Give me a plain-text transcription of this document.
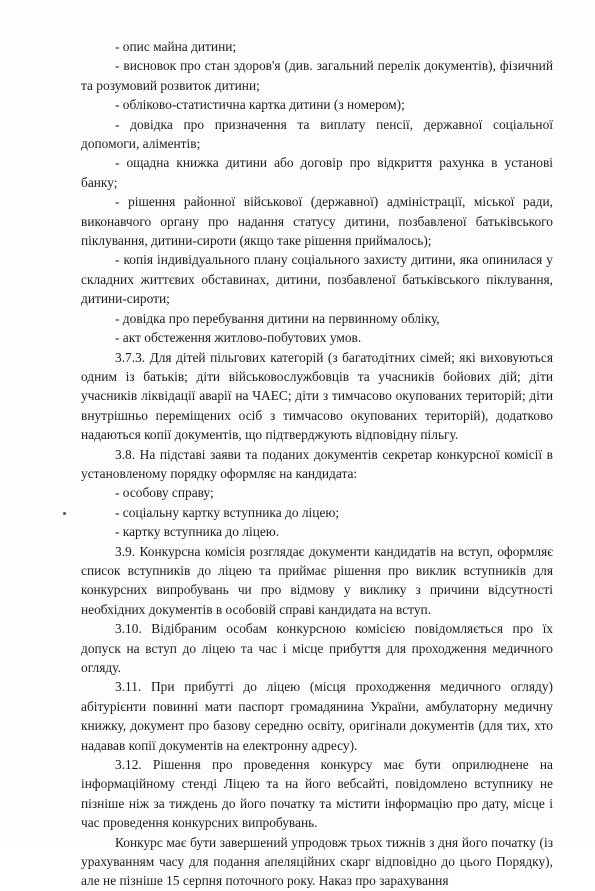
- опис майна дитини;

- висновок про стан здоров'я (див. загальний перелік документів), фізичний та розумовий розвиток дитини;

- обліково-статистична картка дитини (з номером);

- довідка про призначення та виплату пенсії, державної соціальної допомоги, аліментів;

- ощадна книжка дитини або договір про відкриття рахунка в установі банку;

- рішення районної військової (державної) адміністрації, міської ради, виконавчого органу про надання статусу дитини, позбавленої батьківського піклування, дитини-сироти (якщо таке рішення приймалось);

- копія індивідуального плану соціального захисту дитини, яка опинилася у складних життєвих обставинах, дитини, позбавленої батьківського піклування, дитини-сироти;

- довідка про перебування дитини на первинному обліку,

- акт обстеження житлово-побутових умов.

3.7.3. Для дітей пільгових категорій (з багатодітних сімей; які виховуються одним із батьків; діти військовослужбовців та учасників бойових дій; діти учасників ліквідації аварії на ЧАЕС; діти з тимчасово окупованих територій; діти внутрішньо переміщених осіб з тимчасово окупованих територій), додатково надаються копії документів, що підтверджують відповідну пільгу.

3.8. На підставі заяви та поданих документів секретар конкурсної комісії в установленому порядку оформляє на кандидата:

- особову справу;

- соціальну картку вступника до ліцею;

- картку вступника до ліцею.

3.9. Конкурсна комісія розглядає документи кандидатів на вступ, оформляє список вступників до ліцею та приймає рішення про виклик вступників для конкурсних випробувань чи про відмову у виклику з причини відсутності необхідних документів в особовій справі кандидата на вступ.

3.10. Відібраним особам конкурсною комісією повідомляється про їх допуск на вступ до ліцею та час і місце прибуття для проходження медичного огляду.

3.11. При прибутті до ліцею (місця проходження медичного огляду) абітурієнти повинні мати паспорт громадянина України, амбулаторну медичну книжку, документ про базову середню освіту, оригінали документів (для тих, хто надавав копії документів на електронну адресу).

3.12. Рішення про проведення конкурсу має бути оприлюднене на інформаційному стенді Ліцею та на його вебсайті, повідомлено вступнику не пізніше ніж за тиждень до його початку та містити інформацію про дату, місце і час проведення конкурсних випробувань.

Конкурс має бути завершений упродовж трьох тижнів з дня його початку (із урахуванням часу для подання апеляційних скарг відповідно до цього Порядку), але не пізніше 15 серпня поточного року. Наказ про зарахування
